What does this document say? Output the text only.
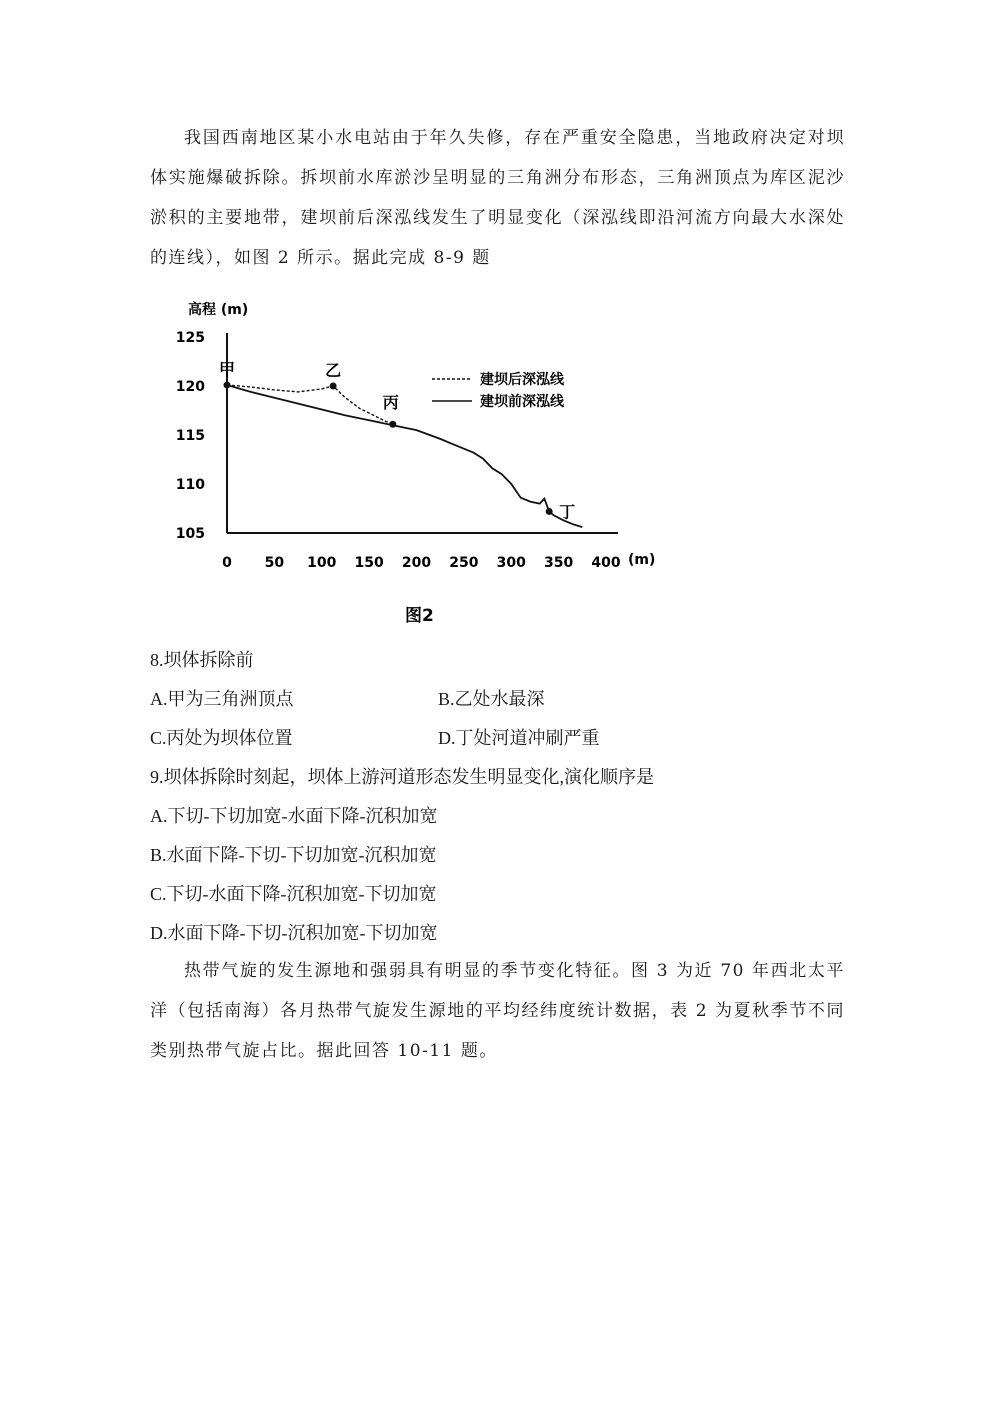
我国西南地区某小水电站由于年久失修，存在严重安全隐患，当地政府决定对坝体实施爆破拆除。拆坝前水库淤沙呈明显的三角洲分布形态，三角洲顶点为库区泥沙淤积的主要地带，建坝前后深泓线发生了明显变化（深泓线即沿河流方向最大水深处的连线），如图 2 所示。据此完成 8-9 题

0 50 100 150 200 250 300 350 400
125
120
115
110
105
甲	乙
丙
丁
建坝后深泓线
建坝前深泓线
高程 (m)
(m)
图2

8.坝体拆除前

A.甲为三角洲顶点	B.乙处水最深

C.丙处为坝体位置	D.丁处河道冲刷严重

9.坝体拆除时刻起，坝体上游河道形态发生明显变化,演化顺序是

A.下切-下切加宽-水面下降-沉积加宽

B.水面下降-下切-下切加宽-沉积加宽

C.下切-水面下降-沉积加宽-下切加宽

D.水面下降-下切-沉积加宽-下切加宽

热带气旋的发生源地和强弱具有明显的季节变化特征。图 3 为近 70 年西北太平洋（包括南海）各月热带气旋发生源地的平均经纬度统计数据，表 2 为夏秋季节不同类别热带气旋占比。据此回答 10-11 题。
